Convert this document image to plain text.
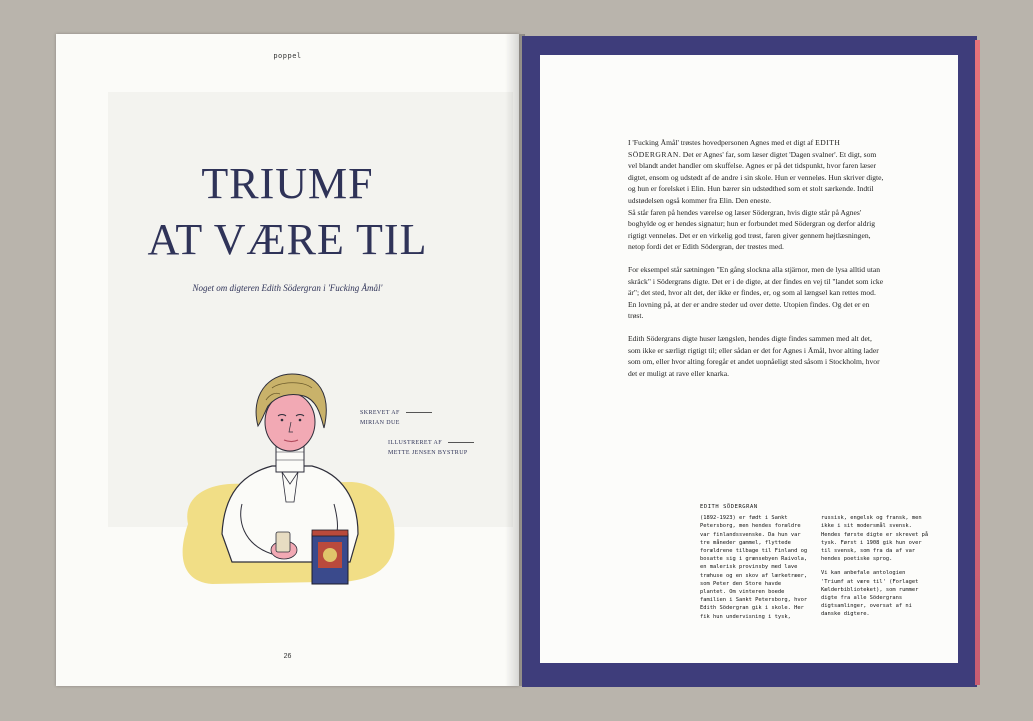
poppel
TRIUMF
AT VÆRE TIL
Noget om digteren Edith Södergran i 'Fucking Åmål'
SKREVET AF
MIRIAN DUE
ILLUSTRERET AF
METTE JENSEN BYSTRUP
26

I 'Fucking Åmål' trøstes hovedpersonen Agnes med et digt af EDITH SÖDERGRAN. Det er Agnes' far, som læser digtet 'Dagen svalner'. Et digt, som vel blandt andet handler om skuffelse. Agnes er på det tidspunkt, hvor faren læser digtet, ensom og udstødt af de andre i sin skole. Hun er venneløs. Hun skriver digte, og hun er forelsket i Elin. Hun bærer sin udstødthed som et stolt særkende. Indtil udstødelsen også kommer fra Elin. Den eneste.
Så står faren på hendes værelse og læser Södergran, hvis digte står på Agnes' boghylde og er hendes signatur; hun er forbundet med Södergran og derfor aldrig rigtigt venneløs. Det er en virkelig god trøst, faren giver gennem højtlæsningen, netop fordi det er Edith Södergran, der trøstes med.

For eksempel står sætningen "En gång slockna alla stjärnor, men de lysa alltid utan skräck" i Södergrans digte. Det er i de digte, at der findes en vej til "landet som icke är"; det sted, hvor alt det, der ikke er findes, er, og som al længsel kan rettes mod. En lovning på, at der er andre steder ud over dette. Utopien findes. Og det er en trøst.

Edith Södergrans digte huser længslen, hendes digte findes sammen med alt det, som ikke er særligt rigtigt til; eller sådan er det for Agnes i Åmål, hvor alting lader som om, eller hvor alting foregår et andet uopnåeligt sted såsom i Stockholm, hvor det er muligt at rave eller knarka.

EDITH SÖDERGRAN

(1892-1923) er født i Sankt Petersborg, men hendes forældre var finlandssvenske. Da hun var tre måneder gammel, flyttede forældrene tilbage til Finland og bosatte sig i grænsebyen Raivola, en malerisk provinsby med lave træhuse og en skov af lærketræer, som Peter den Store havde plantet. Om vinteren boede familien i Sankt Petersborg, hvor Edith Södergran gik i skole. Her fik hun undervisning i tysk,

russisk, engelsk og fransk, men ikke i sit modersmål svensk. Hendes første digte er skrevet på tysk. Først i 1908 gik hun over til svensk, som fra da af var hendes poetiske sprog.

Vi kan anbefale antologien 'Triumf at være til' (Forlaget Kælderbiblioteket), som rummer digte fra alle Södergrans digtsamlinger, oversat af ni danske digtere.
